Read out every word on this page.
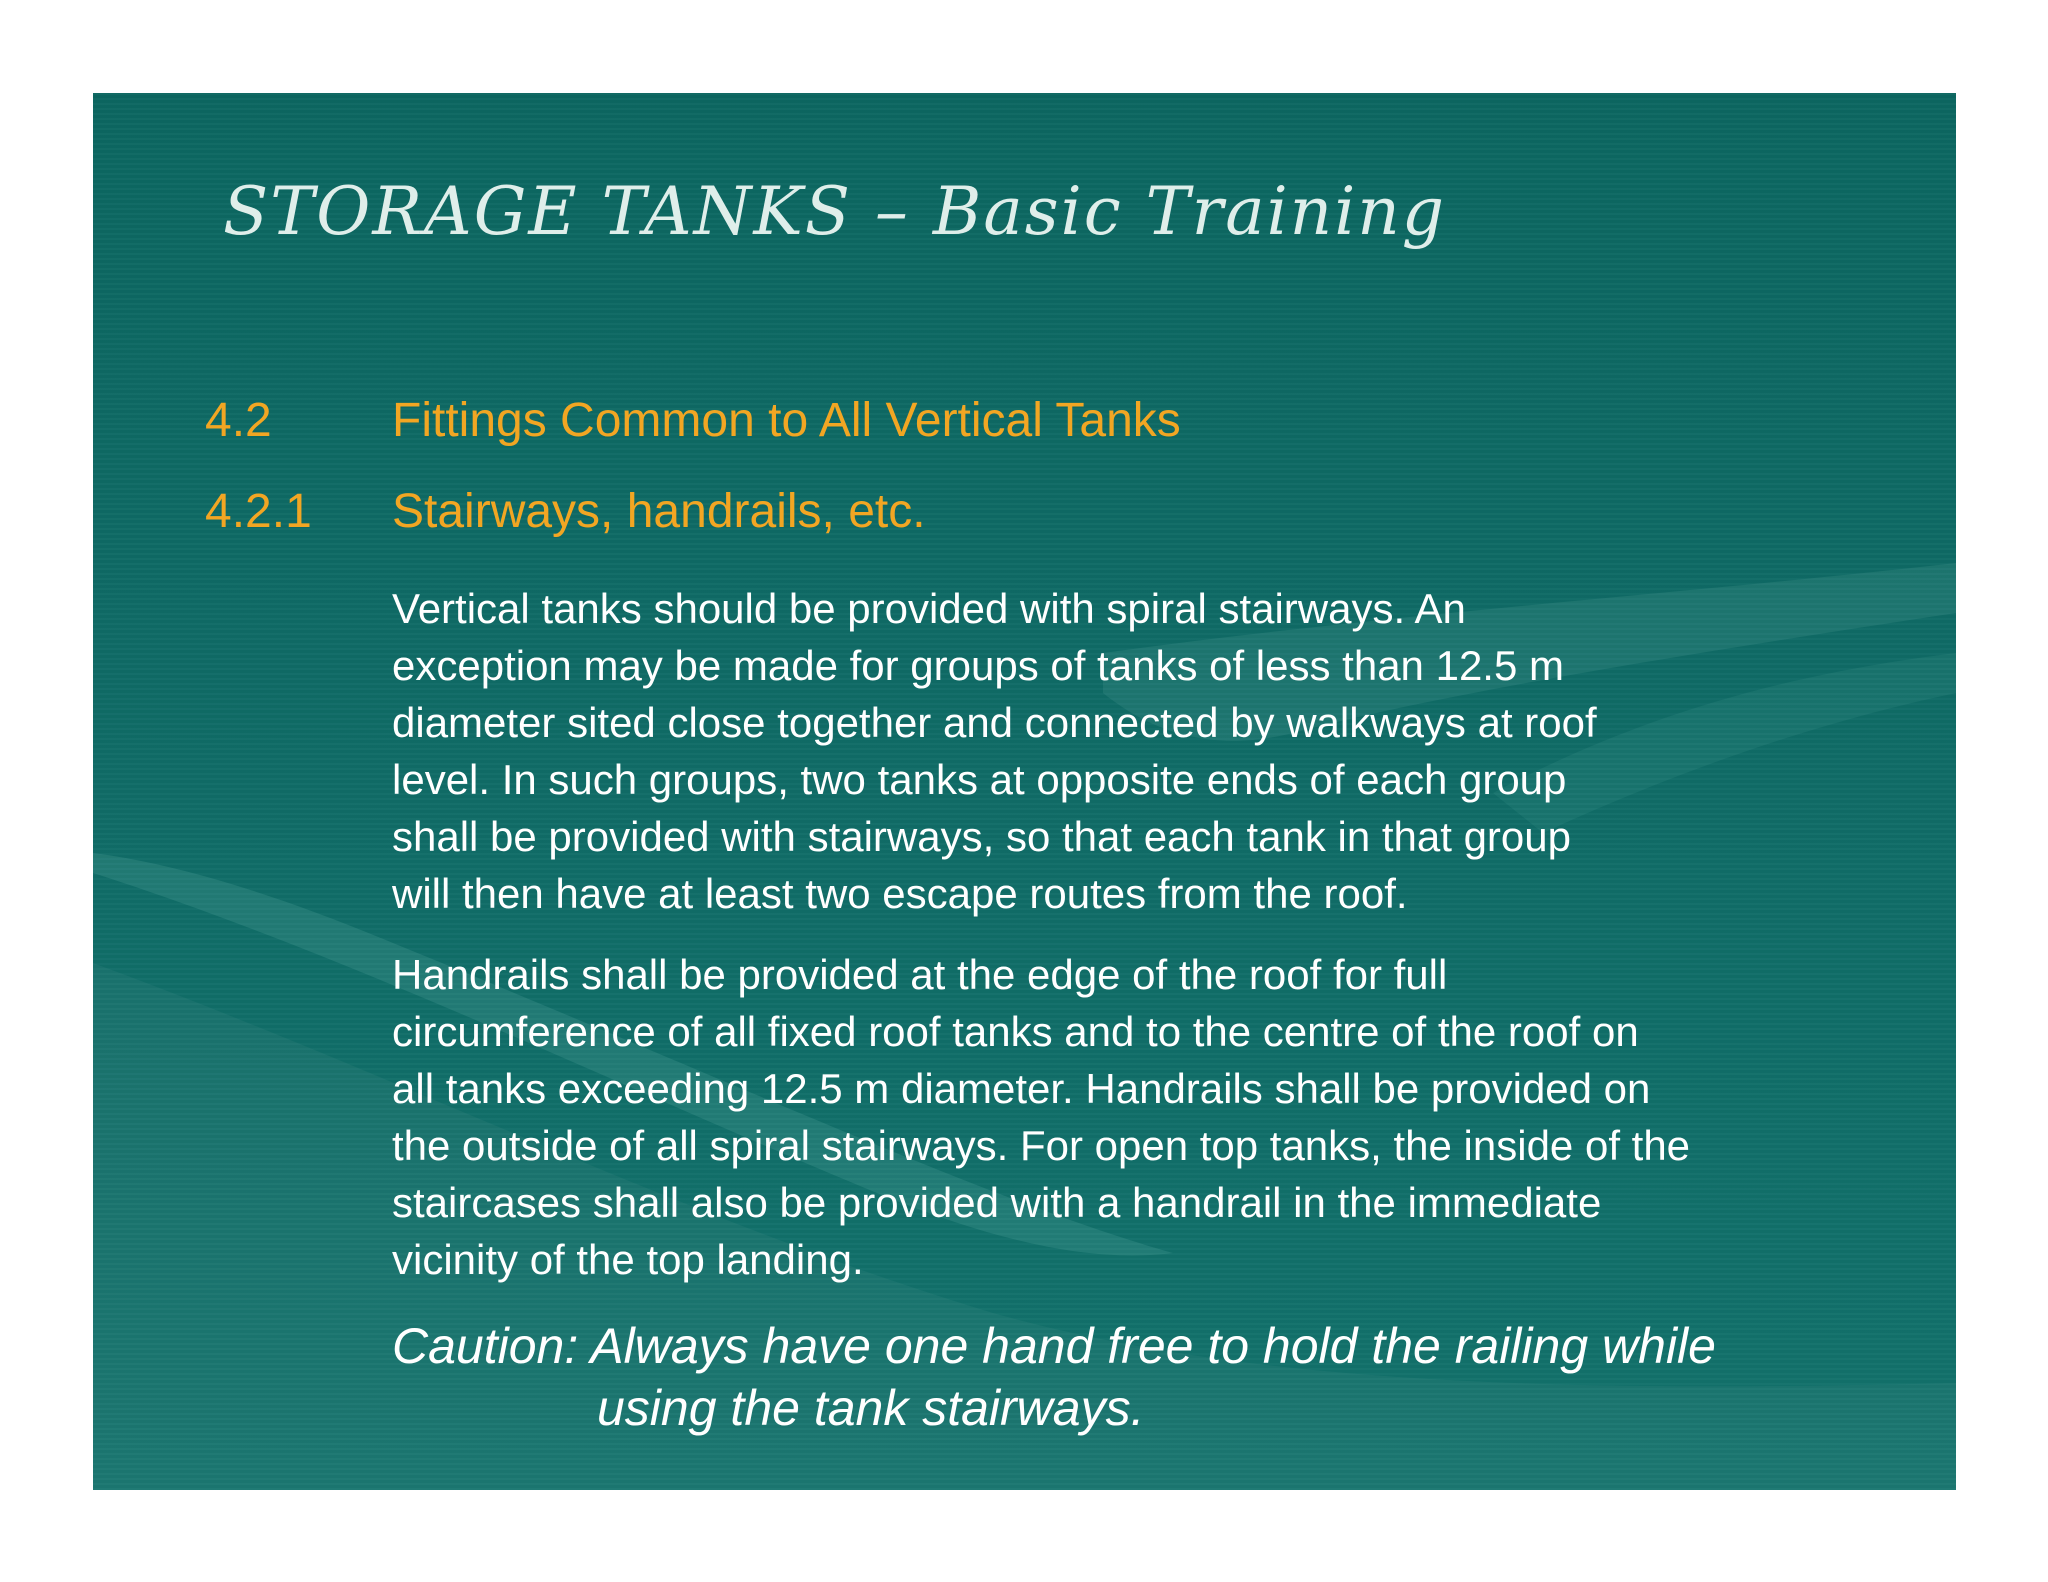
STORAGE TANKS – Basic Training
4.2	Fittings Common to All Vertical Tanks
4.2.1 Stairways, handrails, etc.
Vertical tanks should be provided with spiral stairways. An
exception may be made for groups of tanks of less than 12.5 m
diameter sited close together and connected by walkways at roof
level. In such groups, two tanks at opposite ends of each group
shall be provided with stairways, so that each tank in that group
will then have at least two escape routes from the roof.
Handrails shall be provided at the edge of the roof for full
circumference of all fixed roof tanks and to the centre of the roof on
all tanks exceeding 12.5 m diameter. Handrails shall be provided on
the outside of all spiral stairways. For open top tanks, the inside of the
staircases shall also be provided with a handrail in the immediate
vicinity of the top landing.
Caution: Always have one hand free to hold the railing while
using the tank stairways.
